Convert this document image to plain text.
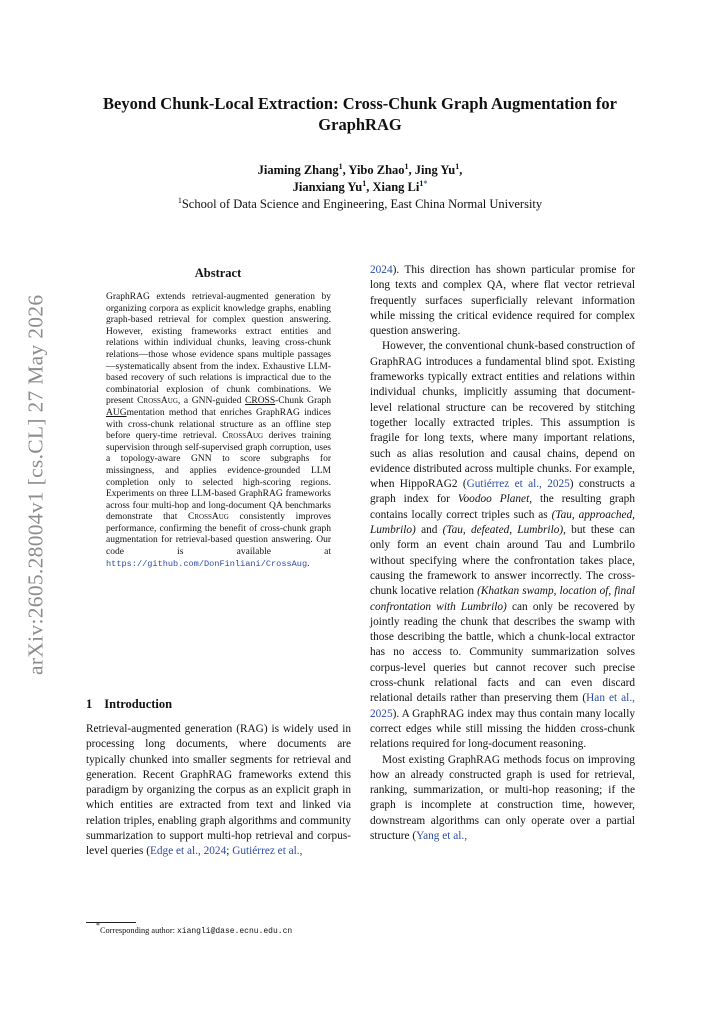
arXiv:2605.28004v1 [cs.CL] 27 May 2026
Beyond Chunk-Local Extraction: Cross-Chunk Graph Augmentation for GraphRAG
Jiaming Zhang$^1$, Yibo Zhao$^1$, Jing Yu$^1$,
Jianxiang Yu$^1$, Xiang $Li^{1*}$
$^1$School of Data Science and Engineering, East China Normal University
Abstract
GraphRAG extends retrieval-augmented generation by organizing corpora as explicit knowledge graphs, enabling graph-based retrieval for complex question answering. However, existing frameworks extract entities and relations within individual chunks, leaving cross-chunk relations—those whose evidence spans multiple passages—systematically absent from the index. Exhaustive LLM-based recovery of such relations is impractical due to the combinatorial explosion of chunk combinations. We present CrossAug, a GNN-guided CROSS-Chunk Graph AUGmentation method that enriches GraphRAG indices with cross-chunk relational structure as an offline step before query-time retrieval. CrossAug derives training supervision through self-supervised graph corruption, uses a topology-aware GNN to score subgraphs for missingness, and applies evidence-grounded LLM completion only to selected high-scoring regions. Experiments on three LLM-based GraphRAG frameworks across four multi-hop and long-document QA benchmarks demonstrate that CrossAug consistently improves performance, confirming the benefit of cross-chunk graph augmentation for retrieval-based question answering. Our code is available at https://github.com/DonFinliani/CrossAug.
1 Introduction

Retrieval-augmented generation (RAG) is widely used in processing long documents, where documents are typically chunked into smaller segments for retrieval and generation. Recent GraphRAG frameworks extend this paradigm by organizing the corpus as an explicit graph in which entities are extracted from text and linked via relation triples, enabling graph algorithms and community summarization to support multi-hop retrieval and corpus-level queries (Edge et al., 2024; Gutiérrez et al.,

2024). This direction has shown particular promise for long texts and complex QA, where flat vector retrieval frequently surfaces superficially relevant information while missing the critical evidence required for complex question answering.

However, the conventional chunk-based construction of GraphRAG introduces a fundamental blind spot. Existing frameworks typically extract entities and relations within individual chunks, implicitly assuming that document-level relational structure can be recovered by stitching together locally extracted triples. This assumption is fragile for long texts, where many important relations, such as alias resolution and causal chains, depend on evidence distributed across multiple chunks. For example, when HippoRAG2 (Gutiérrez et al., 2025) constructs a graph index for Voodoo Planet, the resulting graph contains locally correct triples such as (Tau, approached, Lumbrilo) and (Tau, defeated, Lumbrilo), but these can only form an event chain around Tau and Lumbrilo without specifying where the confrontation takes place, causing the framework to answer incorrectly. The cross-chunk locative relation (Khatkan swamp, location of, final confrontation with Lumbrilo) can only be recovered by jointly reading the chunk that describes the swamp with those describing the battle, which a chunk-local extractor has no access to. Community summarization solves corpus-level queries but cannot recover such precise cross-chunk relational facts and can even discard relational details rather than preserving them (Han et al., 2025). A GraphRAG index may thus contain many locally correct edges while still missing the hidden cross-chunk relations required for long-document reasoning.

Most existing GraphRAG methods focus on improving how an already constructed graph is used for retrieval, ranking, summarization, or multi-hop reasoning; if the graph is incomplete at construction time, however, downstream algorithms can only operate over a partial structure (Yang et al.,

*Corresponding author: xiangli@dase.ecnu.edu.cn
